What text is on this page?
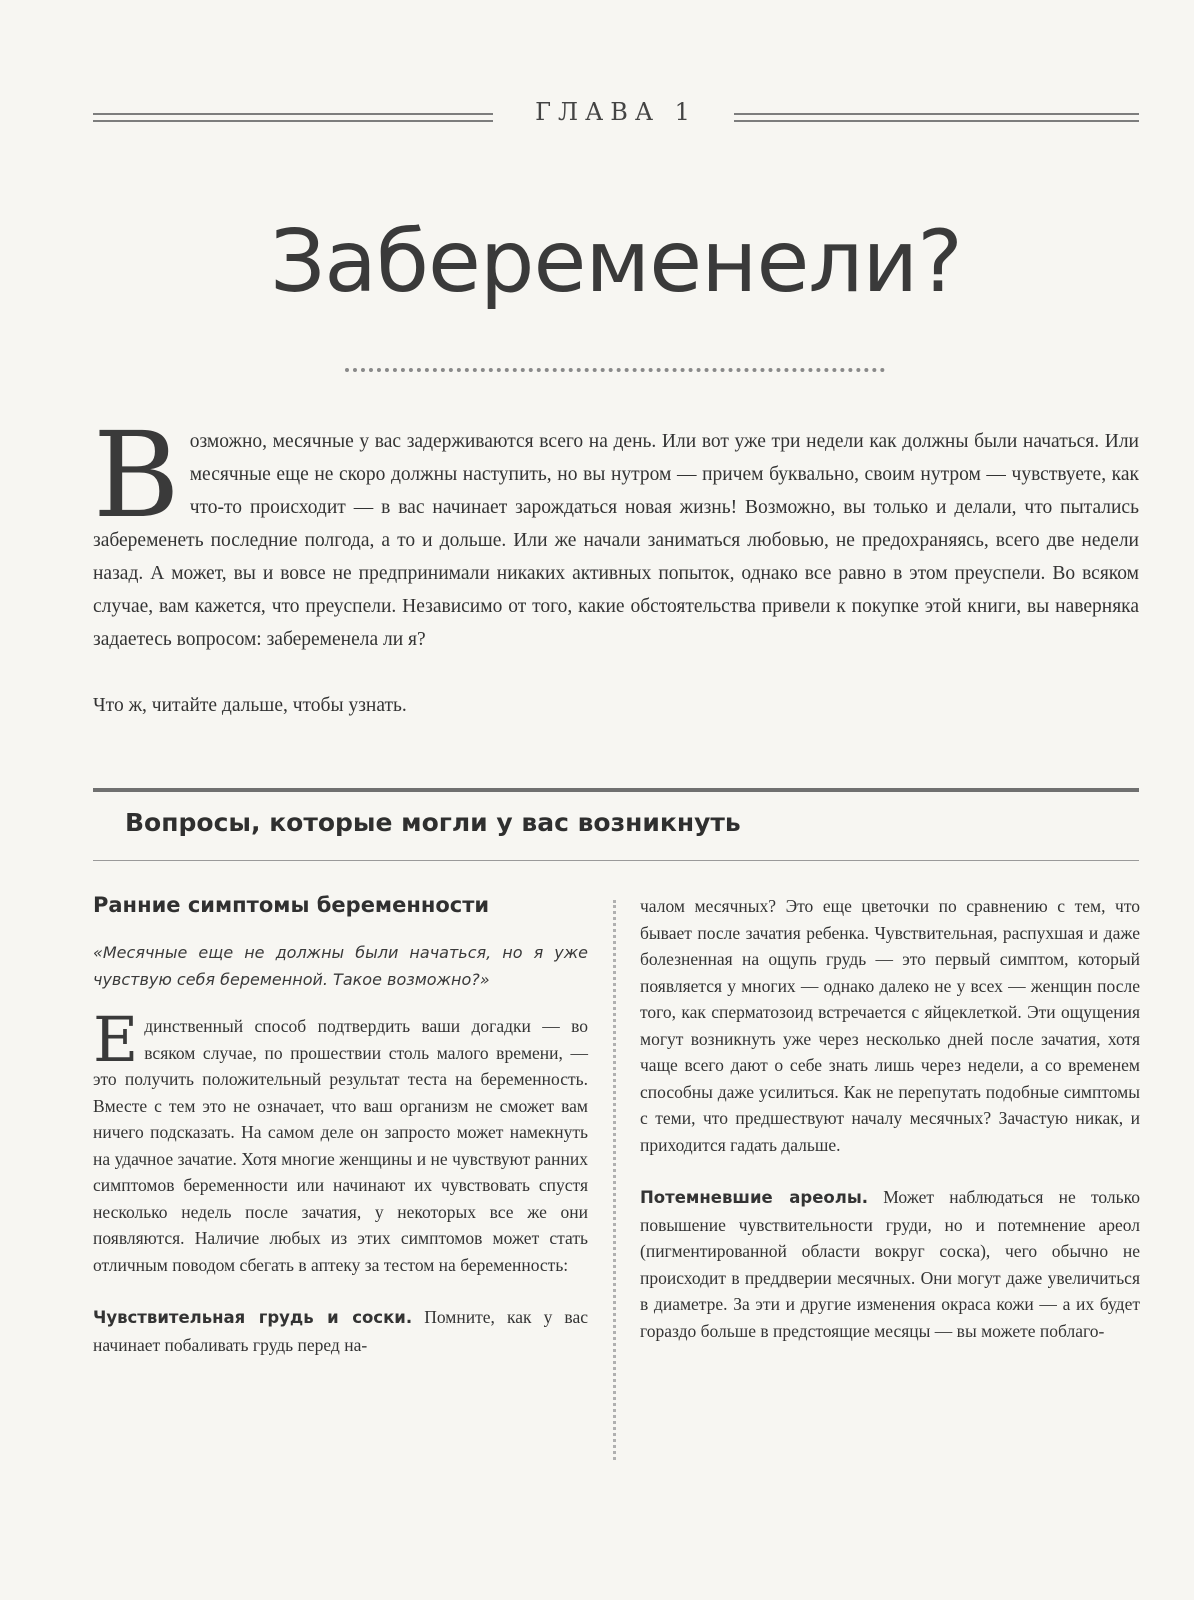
ГЛАВА 1
Забеременели?

Возможно, месячные у вас задерживаются всего на день. Или вот уже три недели как должны были начаться. Или месячные еще не скоро должны наступить, но вы нутром — причем буквально, своим нутром — чувствуете, как что-то происходит — в вас начинает зарождаться новая жизнь! Возможно, вы только и делали, что пытались забеременеть последние полгода, а то и дольше. Или же начали заниматься любовью, не предохраняясь, всего две недели назад. А может, вы и вовсе не предпринимали никаких активных попыток, однако все равно в этом преуспели. Во всяком случае, вам кажется, что преуспели. Независимо от того, какие обстоятельства привели к покупке этой книги, вы наверняка задаетесь вопросом: забеременела ли я?

Что ж, читайте дальше, чтобы узнать.

Вопросы, которые могли у вас возникнуть
Ранние симптомы беременности

«Месячные еще не должны были начаться, но я уже чувствую себя беременной. Такое возможно?»

Единственный способ подтвердить ваши догадки — во всяком случае, по прошествии столь малого времени, — это получить положительный результат теста на беременность. Вместе с тем это не означает, что ваш организм не сможет вам ничего подсказать. На самом деле он запросто может намекнуть на удачное зачатие. Хотя многие женщины и не чувствуют ранних симптомов беременности или начинают их чувствовать спустя несколько недель после зачатия, у некоторых все же они появляются. Наличие любых из этих симптомов может стать отличным поводом сбегать в аптеку за тестом на беременность:

Чувствительная грудь и соски. Помните, как у вас начинает побаливать грудь перед на-

чалом месячных? Это еще цветочки по сравнению с тем, что бывает после зачатия ребенка. Чувствительная, распухшая и даже болезненная на ощупь грудь — это первый симптом, который появляется у многих — однако далеко не у всех — женщин после того, как сперматозоид встречается с яйцеклеткой. Эти ощущения могут возникнуть уже через несколько дней после зачатия, хотя чаще всего дают о себе знать лишь через недели, а со временем способны даже усилиться. Как не перепутать подобные симптомы с теми, что предшествуют началу месячных? Зачастую никак, и приходится гадать дальше.

Потемневшие ареолы. Может наблюдаться не только повышение чувствительности груди, но и потемнение ареол (пигментированной области вокруг соска), чего обычно не происходит в преддверии месячных. Они могут даже увеличиться в диаметре. За эти и другие изменения окраса кожи — а их будет гораздо больше в предстоящие месяцы — вы можете поблаго-
